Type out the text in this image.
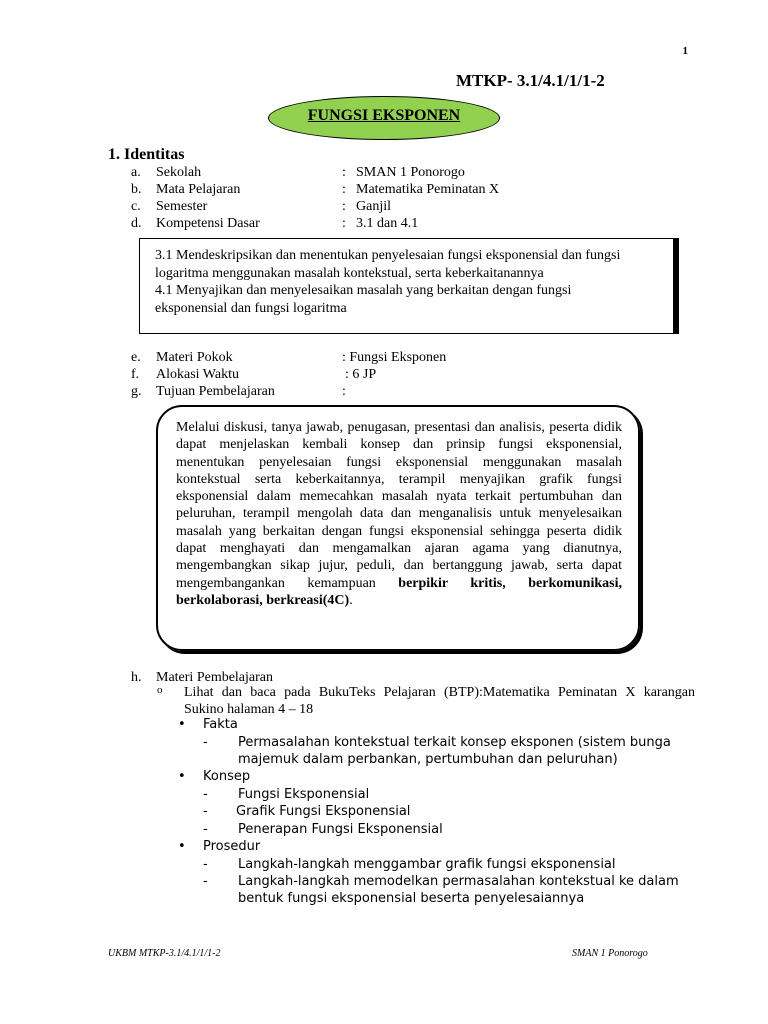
1
MTKP- 3.1/4.1/1/1-2
FUNGSI EKSPONEN
1. Identitas
a. Sekolah	: SMAN 1 Ponorogo
b. Mata Pelajaran	: Matematika Peminatan X
c. Semester	: Ganjil
d. Kompetensi Dasar	: 3.1 dan 4.1
3.1 Mendeskripsikan dan menentukan penyelesaian fungsi eksponensial dan fungsi
logaritma menggunakan masalah kontekstual, serta keberkaitanannya
4.1 Menyajikan dan menyelesaikan masalah yang berkaitan dengan fungsi
eksponensial dan fungsi logaritma
e. Materi Pokok	: Fungsi Eksponen
f. Alokasi Waktu	: 6 JP
g. Tujuan Pembelajaran	:
Melalui diskusi, tanya jawab, penugasan, presentasi dan analisis, peserta didik dapat menjelaskan kembali konsep dan prinsip fungsi eksponensial, menentukan penyelesaian fungsi eksponensial menggunakan masalah kontekstual serta keberkaitannya, terampil menyajikan grafik fungsi eksponensial dalam memecahkan masalah nyata terkait pertumbuhan dan peluruhan, terampil mengolah data dan menganalisis untuk menyelesaikan masalah yang berkaitan dengan fungsi eksponensial sehingga peserta didik dapat menghayati dan mengamalkan ajaran agama yang dianutnya, mengembangkan sikap jujur, peduli, dan bertanggung jawab, serta dapat mengembangankan kemampuan berpikir kritis, berkomunikasi, berkolaborasi, berkreasi(4C).
h. Materi Pembelajaran
o Lihat dan baca pada BukuTeks Pelajaran (BTP):Matematika Peminatan X karangan
Sukino halaman 4 – 18
• Fakta
- Permasalahan kontekstual terkait konsep eksponen (sistem bunga
majemuk dalam perbankan, pertumbuhan dan peluruhan)
• Konsep
- Fungsi Eksponensial
- Grafik Fungsi Eksponensial
- Penerapan Fungsi Eksponensial
• Prosedur
- Langkah-langkah menggambar grafik fungsi eksponensial
- Langkah-langkah memodelkan permasalahan kontekstual ke dalam
bentuk fungsi eksponensial beserta penyelesaiannya
UKBM MTKP-3.1/4.1/1/1-2	SMAN 1 Ponorogo
